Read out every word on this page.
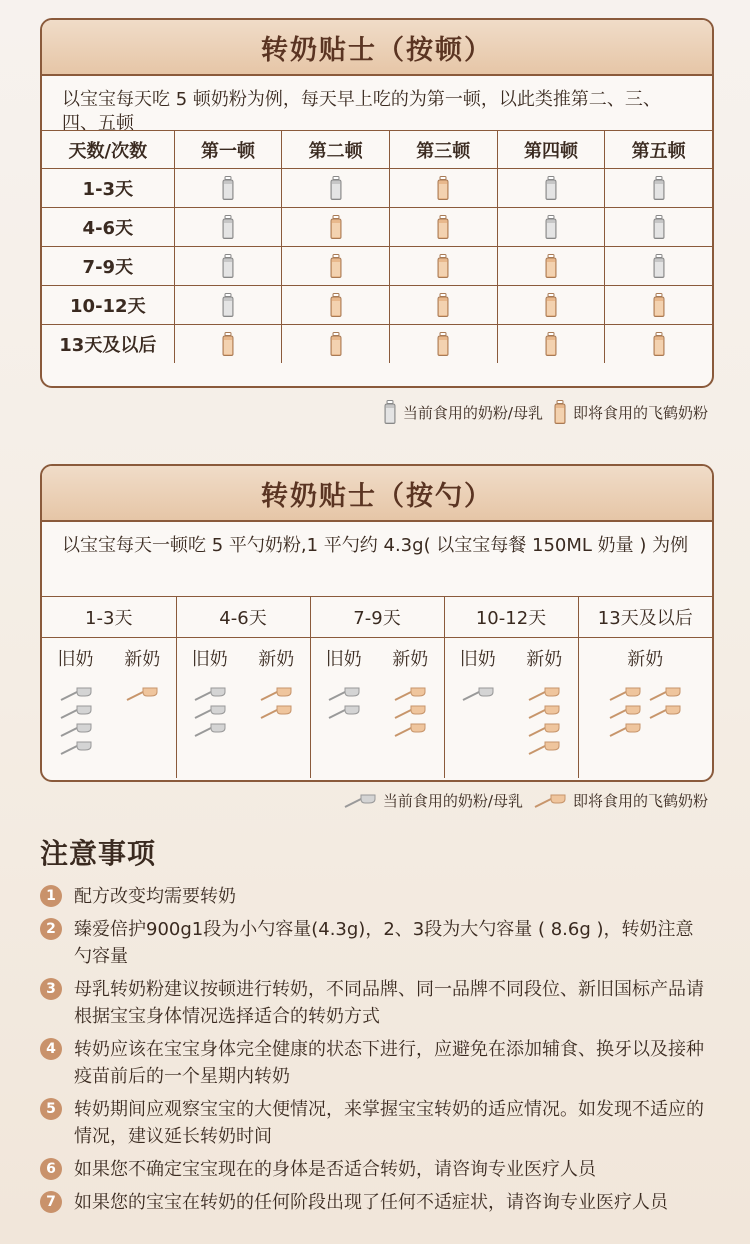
转奶贴士（按顿）
以宝宝每天吃 5 顿奶粉为例，每天早上吃的为第一顿，以此类推第二、三、四、五顿
天数/次数	第一顿	第二顿	第三顿	第四顿	第五顿
1-3天					
4-6天					
7-9天					
10-12天					
13天及以后					
当前食用的奶粉/母乳 即将食用的飞鹤奶粉
转奶贴士（按勺）
以宝宝每天一顿吃 5 平勺奶粉,1 平勺约 4.3g( 以宝宝每餐 150ML 奶量 ) 为例
1-3天		4-6天		7-9天		10-12天		13天及以后
旧奶	新奶	旧奶	新奶	旧奶	新奶	旧奶	新奶	新奶

当前食用的奶粉/母乳	即将食用的飞鹤奶粉
注意事项
1	配方改变均需要转奶
2	臻爱倍护900g1段为小勺容量(4.3g)，2、3段为大勺容量 ( 8.6g )，转奶注意勺容量
3	母乳转奶粉建议按顿进行转奶，不同品牌、同一品牌不同段位、新旧国标产品请根据宝宝身体情况选择适合的转奶方式
4	转奶应该在宝宝身体完全健康的状态下进行，应避免在添加辅食、换牙以及接种疫苗前后的一个星期内转奶
5	转奶期间应观察宝宝的大便情况，来掌握宝宝转奶的适应情况。如发现不适应的情况，建议延长转奶时间
6	如果您不确定宝宝现在的身体是否适合转奶，请咨询专业医疗人员
7	如果您的宝宝在转奶的任何阶段出现了任何不适症状，请咨询专业医疗人员
